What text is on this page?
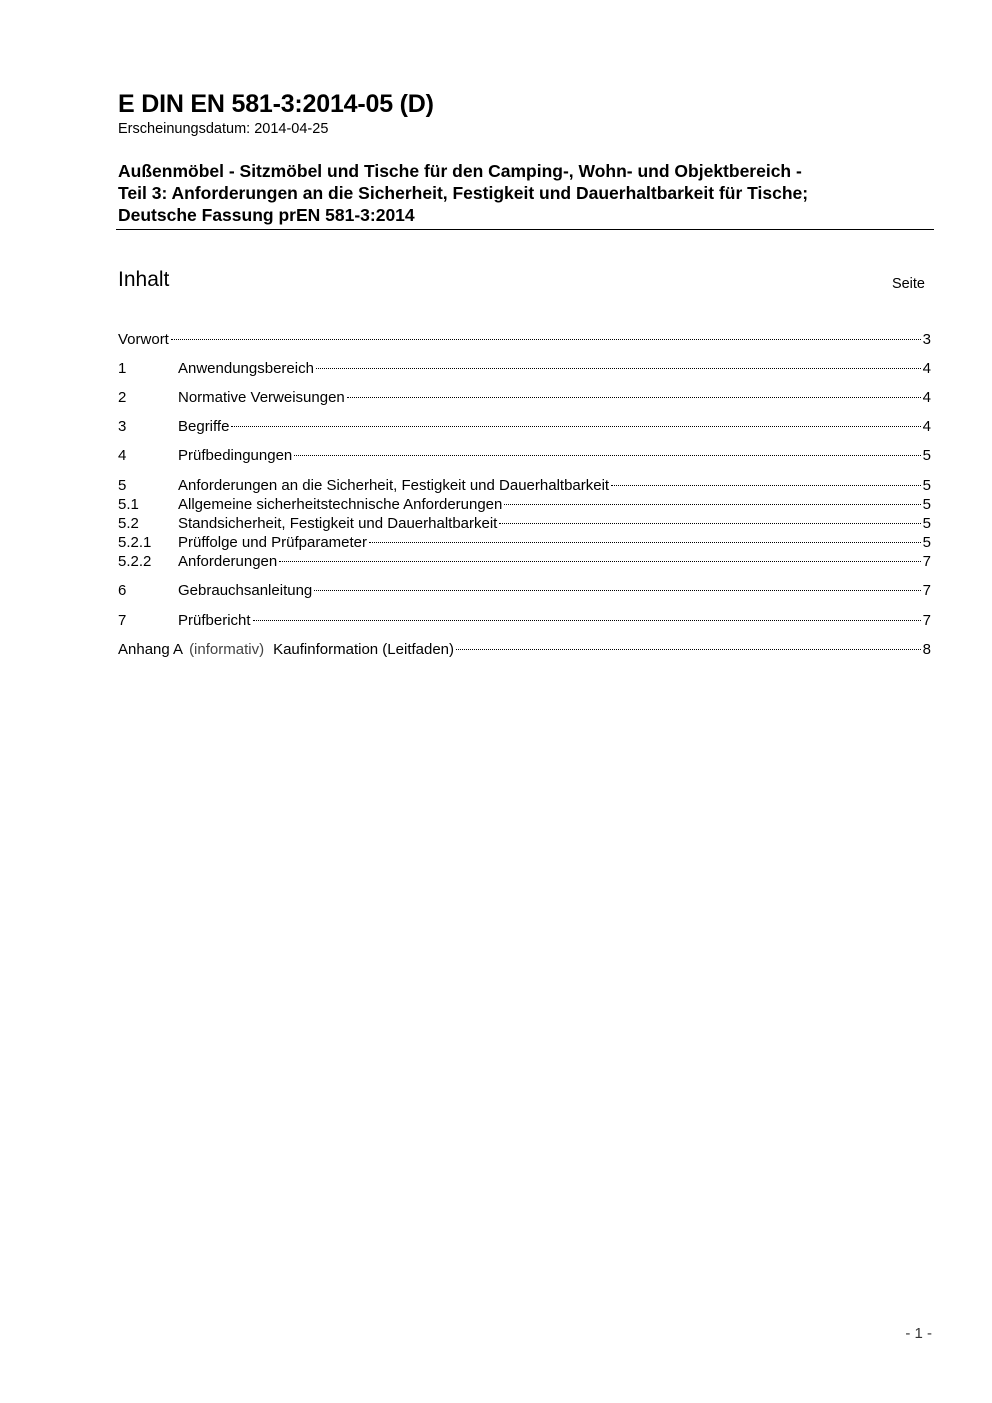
E DIN EN 581-3:2014-05 (D)
Erscheinungsdatum: 2014-04-25
Außenmöbel - Sitzmöbel und Tische für den Camping-, Wohn- und Objektbereich -
Teil 3: Anforderungen an die Sicherheit, Festigkeit und Dauerhaltbarkeit für Tische;
Deutsche Fassung prEN 581-3:2014
Inhalt	Seite
Vorwort	3
1	Anwendungsbereich	4
2	Normative Verweisungen	4
3	Begriffe	4
4	Prüfbedingungen	5
5	Anforderungen an die Sicherheit, Festigkeit und Dauerhaltbarkeit	5
5.1	Allgemeine sicherheitstechnische Anforderungen	5
5.2	Standsicherheit, Festigkeit und Dauerhaltbarkeit	5
5.2.1	Prüffolge und Prüfparameter	5
5.2.2	Anforderungen	7
6	Gebrauchsanleitung	7
7	Prüfbericht	7
Anhang A (informativ) Kaufinformation (Leitfaden)	8
- 1 -
